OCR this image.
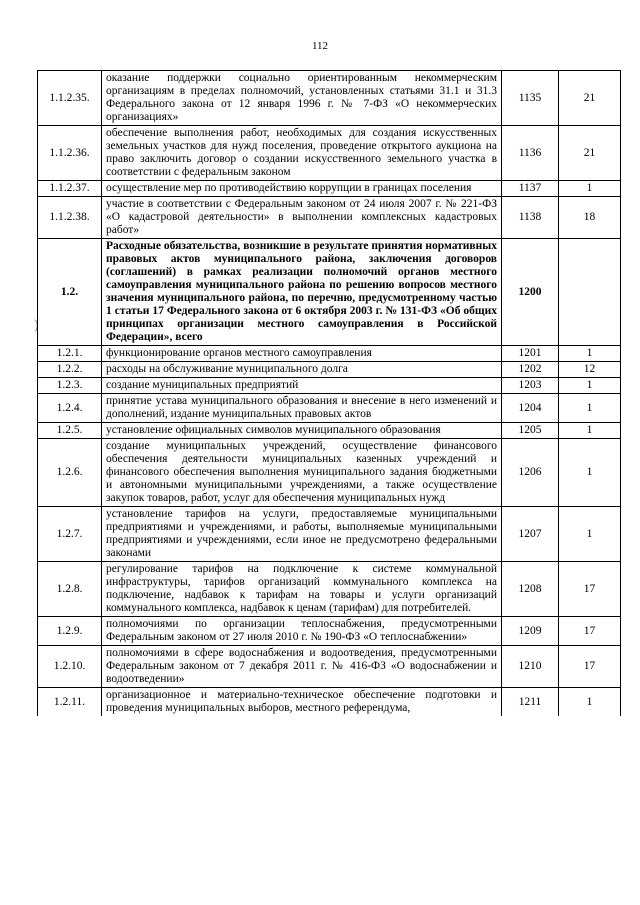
112
)
1.1.2.35.	оказание поддержки социально ориентированным некоммерческим организациям в пределах полномочий, установленных статьями 31.1 и 31.3 Федерального закона от 12 января 1996 г. № 7-ФЗ «О некоммерческих организациях»	1135	21
1.1.2.36.	обеспечение выполнения работ, необходимых для создания искусственных земельных участков для нужд поселения, проведение открытого аукциона на право заключить договор о создании искусственного земельного участка в соответствии с федеральным законом	1136	21
1.1.2.37.	осуществление мер по противодействию коррупции в границах поселения	1137	1
1.1.2.38.	участие в соответствии с Федеральным законом от 24 июля 2007 г. № 221-ФЗ «О кадастровой деятельности» в выполнении комплексных кадастровых работ»	1138	18
1.2.	Расходные обязательства, возникшие в результате принятия нормативных правовых актов муниципального района, заключения договоров (соглашений) в рамках реализации полномочий органов местного самоуправления муниципального района по решению вопросов местного значения муниципального района, по перечню, предусмотренному частью 1 статьи 17 Федерального закона от 6 октября 2003 г. № 131-ФЗ «Об общих принципах организации местного самоуправления в Российской Федерации», всего	1200	
1.2.1.	функционирование органов местного самоуправления	1201	1
1.2.2.	расходы на обслуживание муниципального долга	1202	12
1.2.3.	создание муниципальных предприятий	1203	1
1.2.4.	принятие устава муниципального образования и внесение в него изменений и дополнений, издание муниципальных правовых актов	1204	1
1.2.5.	установление официальных символов муниципального образования	1205	1
1.2.6.	создание муниципальных учреждений, осуществление финансового обеспечения деятельности муниципальных казенных учреждений и финансового обеспечения выполнения муниципального задания бюджетными и автономными муниципальными учреждениями, а также осуществление закупок товаров, работ, услуг для обеспечения муниципальных нужд	1206	1
1.2.7.	установление тарифов на услуги, предоставляемые муниципальными предприятиями и учреждениями, и работы, выполняемые муниципальными предприятиями и учреждениями, если иное не предусмотрено федеральными законами	1207	1
1.2.8.	регулирование тарифов на подключение к системе коммунальной инфраструктуры, тарифов организаций коммунального комплекса на подключение, надбавок к тарифам на товары и услуги организаций коммунального комплекса, надбавок к ценам (тарифам) для потребителей.	1208	17
1.2.9.	полномочиями по организации теплоснабжения, предусмотренными Федеральным законом от 27 июля 2010 г. № 190-ФЗ «О теплоснабжении»	1209	17
1.2.10.	полномочиями в сфере водоснабжения и водоотведения, предусмотренными Федеральным законом от 7 декабря 2011 г. № 416-ФЗ «О водоснабжении и водоотведении»	1210	17
1.2.11.	организационное и материально-техническое обеспечение подготовки и проведения муниципальных выборов, местного референдума,	1211	1
